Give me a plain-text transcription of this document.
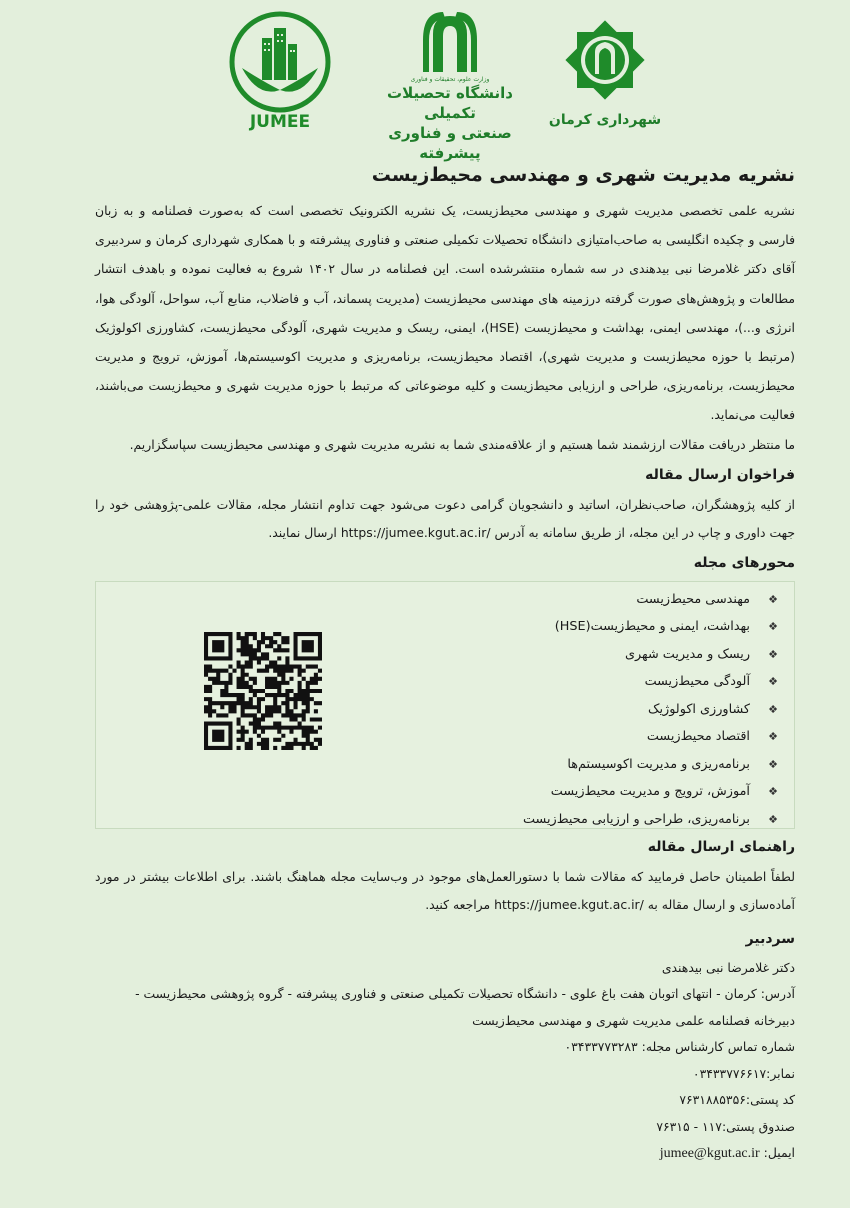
JUMEE
وزارت علوم، تحقیقات و فناوری
دانشگاه تحصیلات تکمیلی
صنعتی و فناوری پیشرفته
شهرداری کرمان
نشریه مدیریت شهری و مهندسی محیط‌زیست

نشریه علمی تخصصی مدیریت شهری و مهندسی محیط‌زیست، یک نشریه الکترونیک تخصصی است که به‌صورت فصلنامه و به زبان فارسی و چکیده انگلیسی به صاحب‌امتیازی دانشگاه تحصیلات تکمیلی صنعتی و فناوری پیشرفته و با همکاری شهرداری کرمان و سردبیری آقای دکتر غلامرضا نبی بیدهندی در سه شماره منتشرشده است. این فصلنامه در سال ۱۴۰۲ شروع به فعالیت نموده و باهدف انتشار مطالعات و پژوهش‌های صورت گرفته درزمینه های مهندسی محیط‌زیست (مدیریت پسماند، آب و فاضلاب، منابع آب، سواحل، آلودگی هوا، انرژی و...)، مهندسی ایمنی، بهداشت و محیط‌زیست (HSE)، ایمنی، ریسک و مدیریت شهری، آلودگی محیط‌زیست، کشاورزی اکولوژیک (مرتبط با حوزه محیط‌زیست و مدیریت شهری)، اقتصاد محیط‌زیست، برنامه‌ریزی و مدیریت اکوسیستم‌ها، آموزش، ترویج و مدیریت محیط‌زیست، برنامه‌ریزی، طراحی و ارزیابی محیط‌زیست و کلیه موضوعاتی که مرتبط با حوزه مدیریت شهری و محیط‌زیست می‌باشند، فعالیت می‌نماید.

ما منتظر دریافت مقالات ارزشمند شما هستیم و از علاقه‌مندی شما به نشریه مدیریت شهری و مهندسی محیط‌زیست سپاسگزاریم.

فراخوان ارسال مقاله

از کلیه پژوهشگران، صاحب‌نظران، اساتید و دانشجویان گرامی دعوت می‌شود جهت تداوم انتشار مجله، مقالات علمی-پژوهشی خود را جهت داوری و چاپ در این مجله، از طریق سامانه به آدرس https://jumee.kgut.ac.ir/ ارسال نمایند.

محورهای مجله
❖مهندسی محیط‌زیست
❖بهداشت، ایمنی و محیط‌زیست(HSE)
❖ریسک و مدیریت شهری
❖آلودگی محیط‌زیست
❖کشاورزی اکولوژیک
❖اقتصاد محیط‌زیست
❖برنامه‌ریزی و مدیریت اکوسیستم‌ها
❖آموزش، ترویج و مدیریت محیط‌زیست
❖برنامه‌ریزی، طراحی و ارزیابی محیط‌زیست
راهنمای ارسال مقاله

لطفاً اطمینان حاصل فرمایید که مقالات شما با دستورالعمل‌های موجود در وب‌سایت مجله هماهنگ باشند. برای اطلاعات بیشتر در مورد آماده‌سازی و ارسال مقاله به https://jumee.kgut.ac.ir/ مراجعه کنید.

سردبیر
دکتر غلامرضا نبی بیدهندی
آدرس: کرمان - انتهای اتوبان هفت باغ علوی - دانشگاه تحصیلات تکمیلی صنعتی و فناوری پیشرفته - گروه پژوهشی محیط‌زیست - دبیرخانه فصلنامه علمی مدیریت شهری و مهندسی محیط‌زیست
شماره تماس کارشناس مجله: ۰۳۴۳۳۷۷۳۲۸۳
نمابر:۰۳۴۳۳۷۷۶۶۱۷
کد پستی:۷۶۳۱۸۸۵۳۵۶
صندوق پستی:۱۱۷ - ۷۶۳۱۵
ایمیل: jumee@kgut.ac.ir
